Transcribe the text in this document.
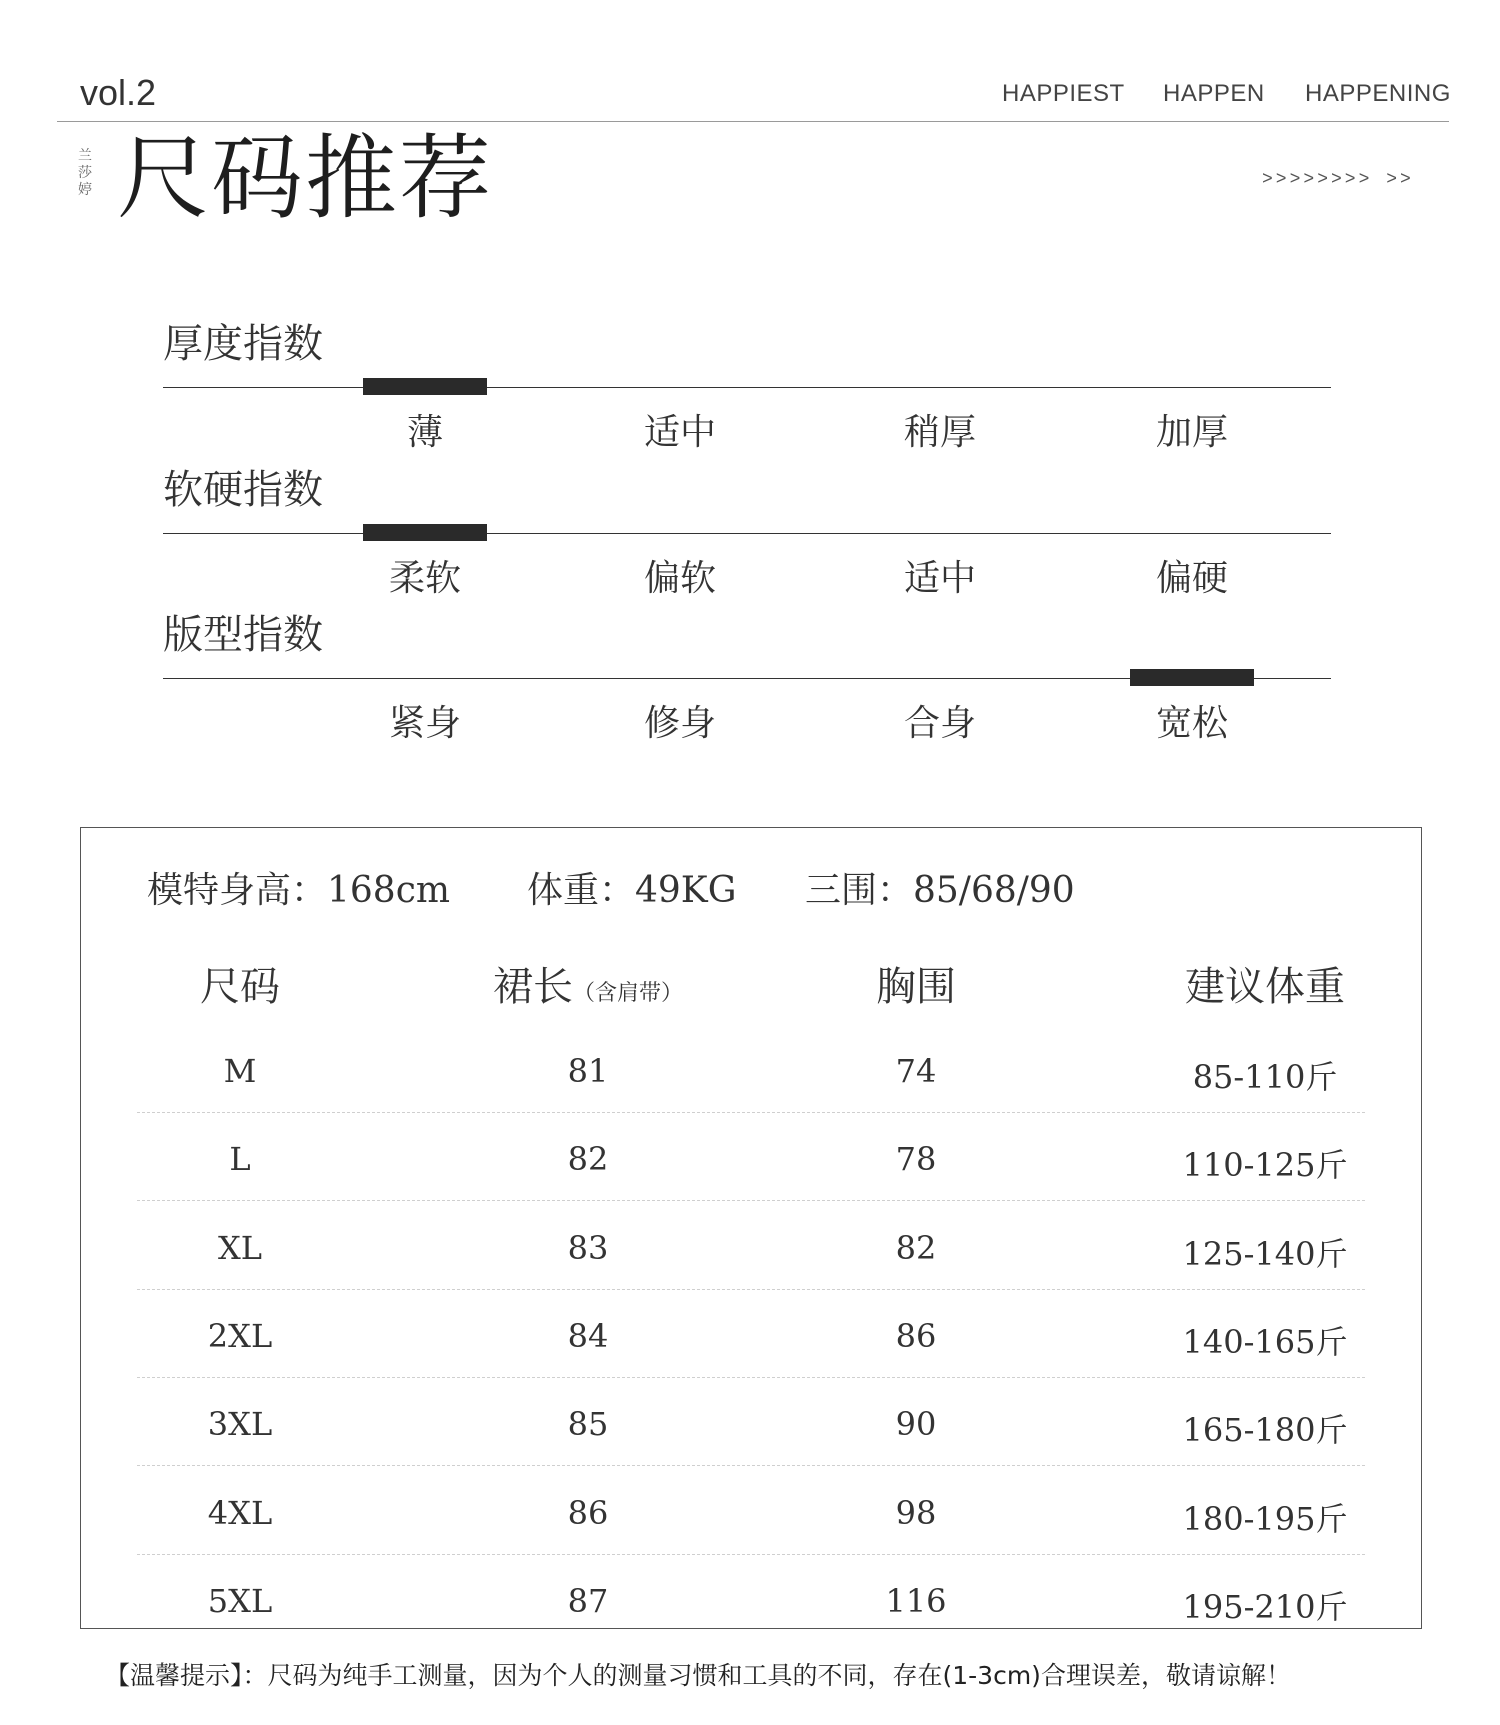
vol.2	HAPPIEST HAPPEN HAPPENING
兰莎婷 尺码推荐	>>>>>>>> >>
厚度指数
薄	适中	稍厚	加厚
软硬指数
柔软	偏软	适中	偏硬
版型指数
紧身	修身	合身	宽松
模特身高：168cm 体重：49KG 三围：85/68/90
尺码	裙长（含肩带）	胸围	建议体重
M	81	74	85-110斤
L	82	78	110-125斤
XL	83	82	125-140斤
2XL	84	86	140-165斤
3XL	85	90	165-180斤
4XL	86	98	180-195斤
5XL	87	116	195-210斤
【温馨提示】：尺码为纯手工测量，因为个人的测量习惯和工具的不同，存在(1-3cm)合理误差，敬请谅解！
